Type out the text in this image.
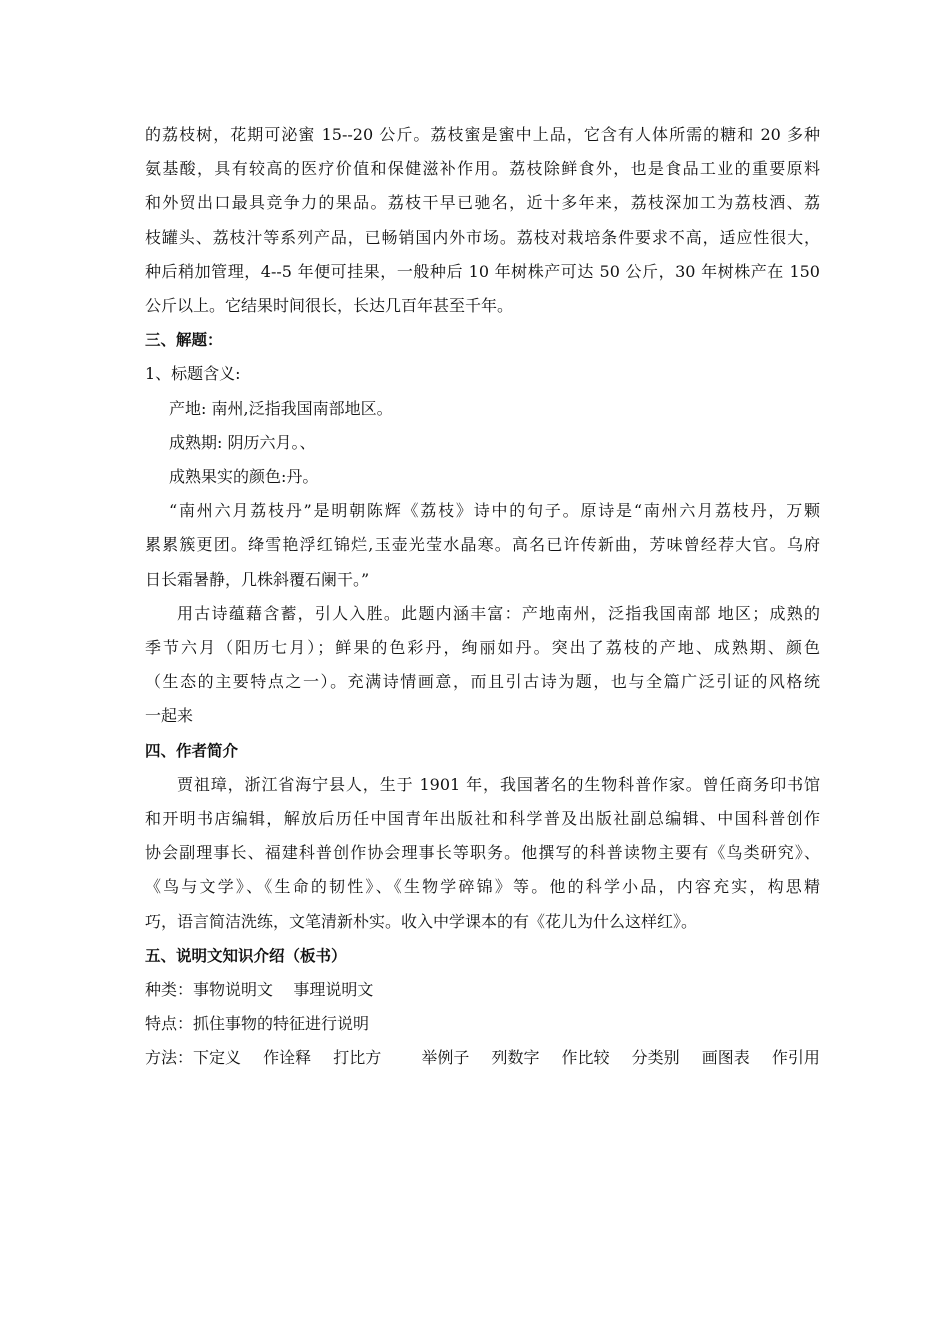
的荔枝树，花期可泌蜜 15--20 公斤。荔枝蜜是蜜中上品，它含有人体所需的糖和 20 多种

氨基酸，具有较高的医疗价值和保健滋补作用。荔枝除鲜食外，也是食品工业的重要原料

和外贸出口最具竞争力的果品。荔枝干早已驰名，近十多年来，荔枝深加工为荔枝酒、荔

枝罐头、荔枝汁等系列产品，已畅销国内外市场。荔枝对栽培条件要求不高，适应性很大，

种后稍加管理，4--5 年便可挂果，一般种后 10 年树株产可达 50 公斤，30 年树株产在 150

公斤以上。它结果时间很长，长达几百年甚至千年。

三、解题：

1、标题含义:

产地: 南州,泛指我国南部地区。

成熟期: 阴历六月。、

成熟果实的颜色:丹。

“南州六月荔枝丹”是明朝陈辉《荔枝》诗中的句子。原诗是“南州六月荔枝丹，万颗

累累簇更团。绛雪艳浮红锦烂,玉壶光莹水晶寒。高名已许传新曲，芳味曾经荐大官。乌府

日长霜暑静，几株斜覆石阑干。”

用古诗蕴藉含蓄，引人入胜。此题内涵丰富：产地南州，泛指我国南部 地区；成熟的

季节六月（阳历七月）；鲜果的色彩丹，绚丽如丹。突出了荔枝的产地、成熟期、颜色

（生态的主要特点之一）。充满诗情画意，而且引古诗为题，也与全篇广泛引证的风格统

一起来

四、作者简介

贾祖璋，浙江省海宁县人，生于 1901 年，我国著名的生物科普作家。曾任商务印书馆

和开明书店编辑，解放后历任中国青年出版社和科学普及出版社副总编辑、中国科普创作

协会副理事长、福建科普创作协会理事长等职务。他撰写的科普读物主要有《鸟类研究》、

《鸟与文学》、《生命的韧性》、《生物学碎锦》等。他的科学小品，内容充实，构思精

巧，语言简洁洗练，文笔清新朴实。收入中学课本的有《花儿为什么这样红》。

五、说明文知识介绍（板书）

种类：事物说明文    事理说明文

特点：抓住事物的特征进行说明

方法：下定义 作诠释 打比方	举例子 列数字 作比较 分类别 画图表 作引用
